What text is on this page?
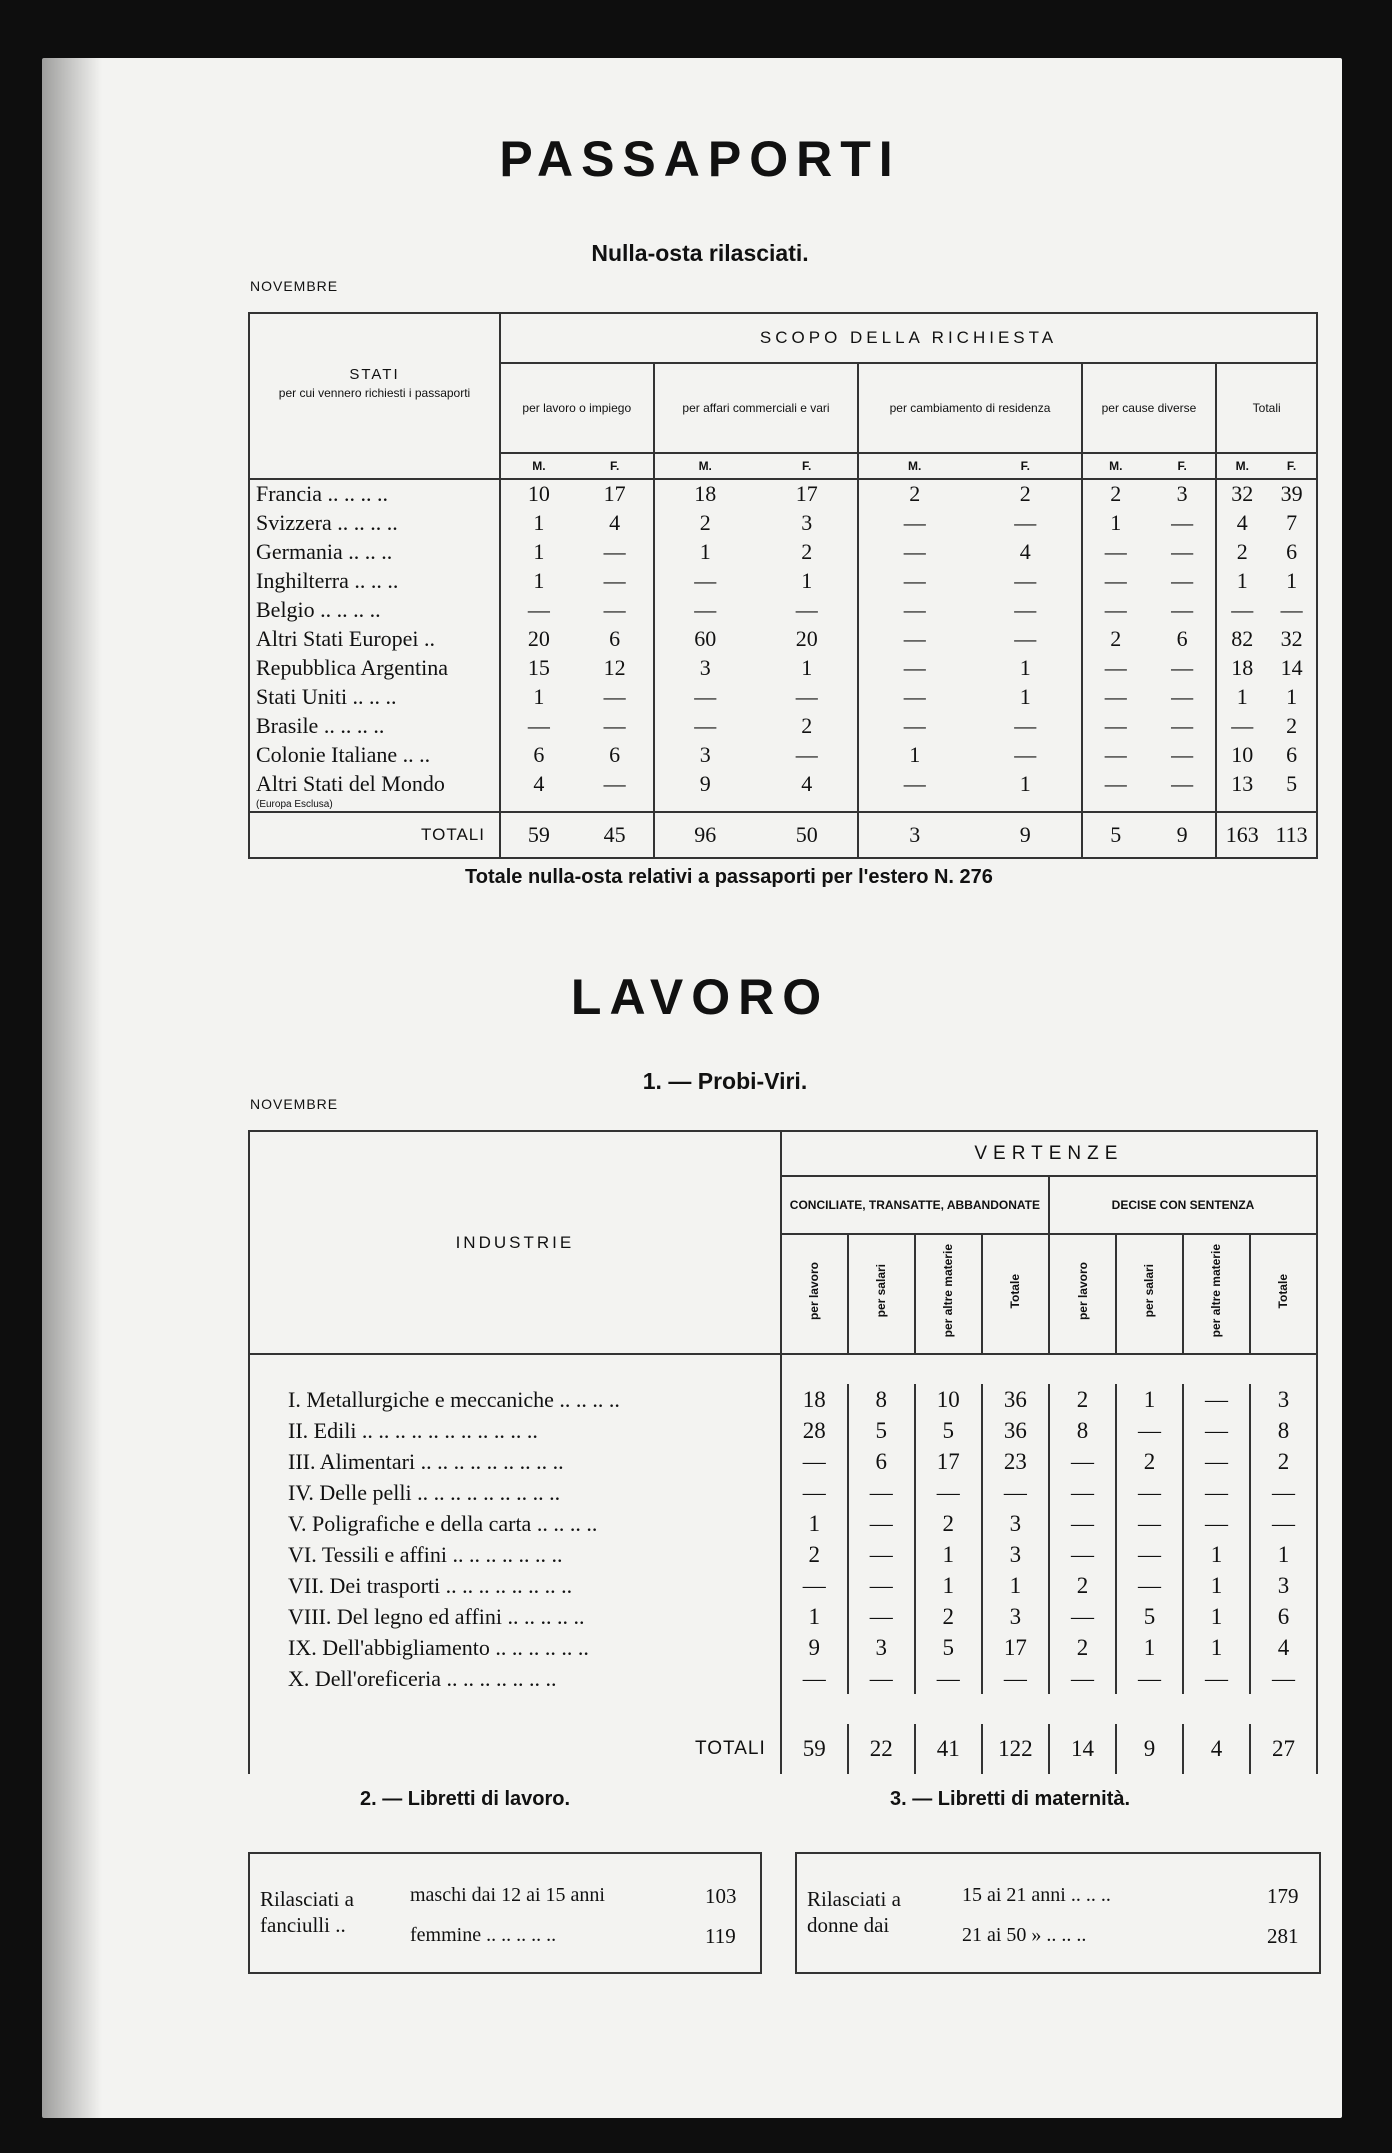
PASSAPORTI
Nulla-osta rilasciati.
NOVEMBRE
STATI
per cui vennero richiesti i passaporti	SCOPO DELLA RICHIESTA									
	per lavoro o impiego		per affari commerciali e vari		per cambiamento di residenza		per cause diverse		Totali	
	M.	F.	M.	F.	M.	F.	M.	F.	M.	F.
Francia .. .. .. ..	10	17	18	17	2	2	2	3	32	39
Svizzera .. .. .. ..	1	4	2	3	—	—	1	—	4	7
Germania .. .. ..	1	—	1	2	—	4	—	—	2	6
Inghilterra .. .. ..	1	—	—	1	—	—	—	—	1	1
Belgio .. .. .. ..	—	—	—	—	—	—	—	—	—	—
Altri Stati Europei ..	20	6	60	20	—	—	2	6	82	32
Repubblica Argentina	15	12	3	1	—	1	—	—	18	14
Stati Uniti .. .. ..	1	—	—	—	—	1	—	—	1	1
Brasile .. .. .. ..	—	—	—	2	—	—	—	—	—	2
Colonie Italiane .. ..	6	6	3	—	1	—	—	—	10	6
Altri Stati del Mondo	4	—	9	4	—	1	—	—	13	5
(Europa Esclusa)										
TOTALI	59	45	96	50	3	9	5	9	163	113
Totale nulla-osta relativi a passaporti per l'estero N. 276
LAVORO
1. — Probi-Viri.
NOVEMBRE
INDUSTRIE	VERTENZE							
	CONCILIATE, TRANSATTE, ABBANDONATE				DECISE CON SENTENZA			
	per lavoro	per salari	per altre materie	Totale	per lavoro	per salari	per altre materie	Totale

I. Metallurgiche e meccaniche .. .. .. ..	18	8	10	36	2	1	—	3
II. Edili .. .. .. .. .. .. .. .. .. .. ..	28	5	5	36	8	—	—	8
III. Alimentari .. .. .. .. .. .. .. .. ..	—	6	17	23	—	2	—	2
IV. Delle pelli .. .. .. .. .. .. .. .. ..	—	—	—	—	—	—	—	—
V. Poligrafiche e della carta .. .. .. ..	1	—	2	3	—	—	—	—
VI. Tessili e affini .. .. .. .. .. .. ..	2	—	1	3	—	—	1	1
VII. Dei trasporti .. .. .. .. .. .. .. ..	—	—	1	1	2	—	1	3
VIII. Del legno ed affini .. .. .. .. ..	1	—	2	3	—	5	1	6
IX. Dell'abbigliamento .. .. .. .. .. ..	9	3	5	17	2	1	1	4
X. Dell'oreficeria .. .. .. .. .. .. ..	—	—	—	—	—	—	—	—

TOTALI	59	22	41	122	14	9	4	27
2. — Libretti di lavoro.	3. — Libretti di maternità.
Rilasciati a fanciulli ..
maschi dai 12 ai 15 anni	103
femmine .. .. .. .. ..	119
Rilasciati a donne dai
15 ai 21 anni .. .. ..	179
21 ai 50 » .. .. ..	281
